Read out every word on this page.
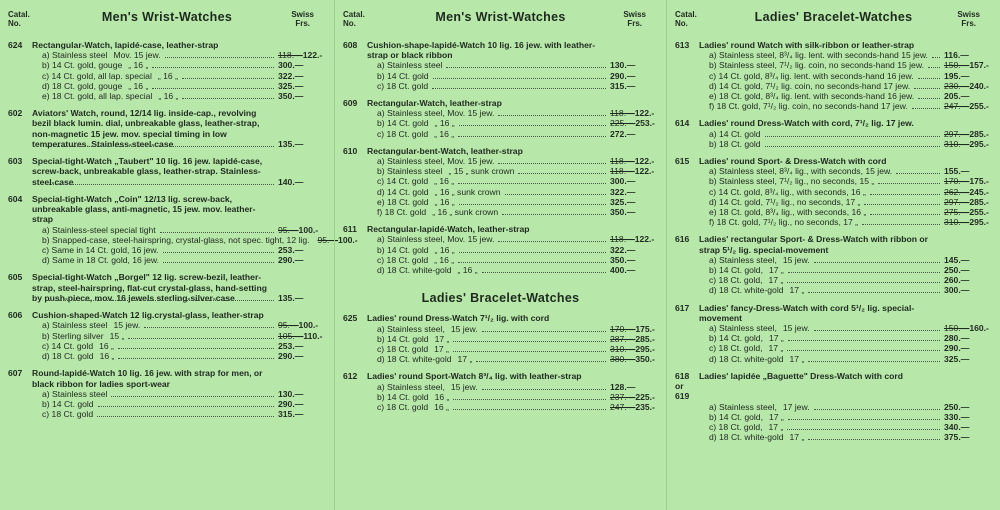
Catal.
No.	Men's Wrist-Watches	Swiss
Frs.
624	Rectangular-Watch, lapidé-case, leather-strap
a) Stainless steel Mov. 15 jew.	118.—122.-
b) 14 Ct. gold, gouge „ 16 „	300.—
c) 14 Ct. gold, all lap. special „ 16 „	322.—
d) 18 Ct. gold, gouge „ 16 „	325.—
e) 18 Ct. gold, all lap. special „ 16 „	350.—
602	Aviators' Watch, round, 12/14 lig. inside-cap., revolving bezil black lumin. dial, unbreakable glass, leather-strap, non-magnetic 15 jew. mov. special timing in low temperatures. Stainless-steel-case	135.—
603	Special-tight-Watch „Taubert" 10 lig. 16 jew. lapidé-case, screw-back, unbreakable glass, leather-strap. Stainless-steel-case	140.—
604	Special-tight-Watch „Coin" 12/13 lig. screw-back, unbreakable glass, anti-magnetic, 15 jew. mov. leather-strap
a) Stainless-steel special tight	95.—100.-
b) Snapped-case, steel-hairspring, crystal-glass, not spec. tight, 12 lig. 95.—100.-
c) Same in 14 Ct. gold, 16 jew.	253.—
d) Same in 18 Ct. gold, 16 jew.	290.—
605	Special-tight-Watch „Borgel" 12 lig. screw-bezil, leather-strap, steel-hairspring, flat-cut crystal-glass, hand-setting by push-piece, mov. 16 jewels sterling-silver-case	135.—
606	Cushion-shaped-Watch 12 lig.crystal-glass, leather-strap
a) Stainless steel 15 jew.	95.—100.-
b) Sterling silver 15 „	105.—110.-
c) 14 Ct. gold 16 „	253.—
d) 18 Ct. gold 16 „	290.—
607	Round-lapidé-Watch 10 lig. 16 jew. with strap for men, or black ribbon for ladies sport-wear
a) Stainless steel	130.—
b) 14 Ct. gold	290.—
c) 18 Ct. gold	315.—
Catal.
No.	Men's Wrist-Watches	Swiss
Frs.
608	Cushion-shape-lapidé-Watch 10 lig. 16 jew. with leather-strap or black ribbon
a) Stainless steel	130.—
b) 14 Ct. gold	290.—
c) 18 Ct. gold	315.—
609	Rectangular-Watch, leather-strap
a) Stainless steel, Mov. 15 jew.	118.—122.-
b) 14 Ct. gold „ 16 „	225.—253.-
c) 18 Ct. gold „ 16 „	272.—
610	Rectangular-bent-Watch, leather-strap
a) Stainless steel, Mov. 15 jew.	118.—122.-
b) Stainless steel „ 15 „ sunk crown	118.—122.-
c) 14 Ct. gold „ 16 „	300.—
d) 14 Ct. gold „ 16 „ sunk crown	322.—
e) 18 Ct. gold „ 16 „	325.—
f) 18 Ct. gold „ 16 „ sunk crown	350.—
611	Rectangular-lapidé-Watch, leather-strap
a) Stainless steel, Mov. 15 jew.	118.—122.-
b) 14 Ct. gold „ 16 „	322.—
c) 18 Ct. gold „ 16 „	350.—
d) 18 Ct. white-gold „ 16 „	400.—
Ladies' Bracelet-Watches
625	Ladies' round Dress-Watch 7¹/₂ lig. with cord
a) Stainless steel, 15 jew.	170.—175.-
b) 14 Ct. gold 17 „	287.—285.-
c) 18 Ct. gold 17 „	310.—295.-
d) 18 Ct. white-gold 17 „	380.—350.-
612	Ladies' round Sport-Watch 8³/₄ lig. with leather-strap
a) Stainless steel, 15 jew.	128.—
b) 14 Ct. gold 16 „	237.—225.-
c) 18 Ct. gold 16 „	247.—235.-
Catal.
No.	Ladies' Bracelet-Watches	Swiss
Frs.
613	Ladies' round Watch with silk-ribbon or leather-strap
a) Stainless steel, 8³/₄ lig. lent. with seconds-hand 15 jew. 116.—
b) Stainless steel, 7¹/₂ lig. coin, no seconds-hand 15 jew. 150.—157.-
c) 14 Ct. gold, 8³/₄ lig. lent. with seconds-hand 16 jew.	195.—
d) 14 Ct. gold, 7¹/₂ lig. coin, no seconds-hand 17 jew.	230.—240.-
e) 18 Ct. gold, 8³/₄ lig. lent. with seconds-hand 16 jew.	205.—
f) 18 Ct. gold, 7¹/₂ lig. coin, no seconds-hand 17 jew.	247.—255.-
614	Ladies' round Dress-Watch with cord, 7¹/₂ lig. 17 jew.
a) 14 Ct. gold	297.—285.-
b) 18 Ct. gold	310.—295.-
615	Ladies' round Sport- & Dress-Watch with cord
a) Stainless steel, 8³/₄ lig., with seconds, 15 jew.	155.—
b) Stainless steel, 7¹/₂ lig., no seconds, 15 „	170.—175.-
c) 14 Ct. gold, 8³/₄ lig., with seconds, 16 „	262.—245.-
d) 14 Ct. gold, 7¹/₂ lig., no seconds, 17 „	297.—285.-
e) 18 Ct. gold, 8³/₄ lig., with seconds, 16 „	275.—255.-
f) 18 Ct. gold, 7¹/₂ lig., no seconds, 17 „	310.—295.-
616	Ladies' rectangular Sport- & Dress-Watch with ribbon or strap 5¹/₂ lig. special-movement
a) Stainless steel, 15 jew.	145.—
b) 14 Ct. gold, 17 „	250.—
c) 18 Ct. gold, 17 „	260.—
d) 18 Ct. white-gold 17 „	300.—
617	Ladies' fancy-Dress-Watch with cord 5¹/₂ lig. special-movement
a) Stainless steel, 15 jew.	150.—160.-
b) 14 Ct. gold, 17 „	280.—
c) 18 Ct. gold, 17 „	290.—
d) 18 Ct. white-gold 17 „	325.—
618
or
619
Ladies' lapidée „Baguette" Dress-Watch with cord
a) Stainless steel, 17 jew.	250.—
b) 14 Ct. gold, 17 „	330.—
c) 18 Ct. gold, 17 „	340.—
d) 18 Ct. white-gold 17 „	375.—
